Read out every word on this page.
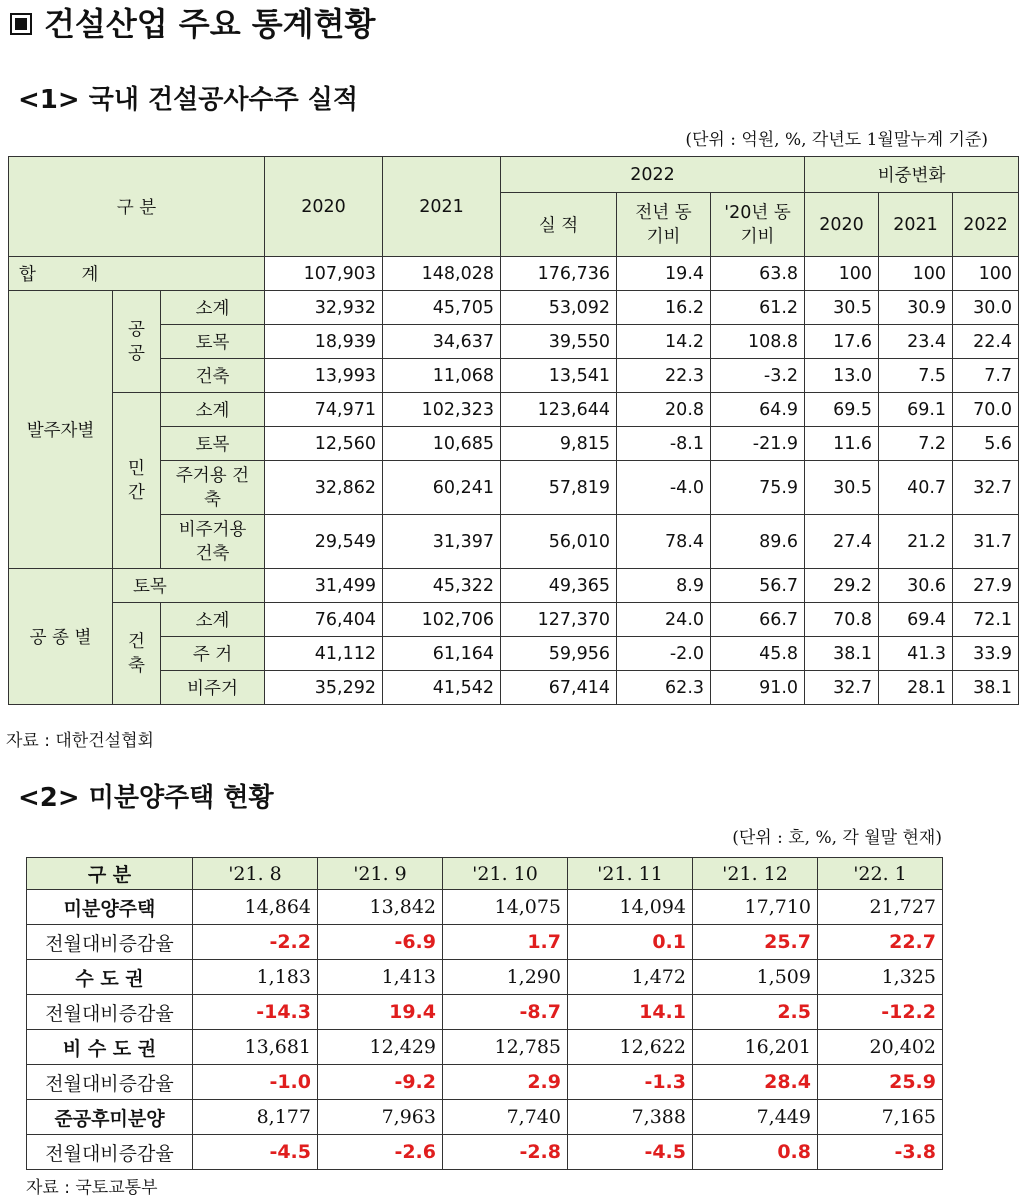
건설산업 주요 통계현황
<1> 국내 건설공사수주 실적
(단위 : 억원, %, 각년도 1월말누계 기준)
구 분			2020	2021	2022			비중변화		
					실 적	전년 동기비	'20년 동기비	2020	2021	2022
합 계			107,903	148,028	176,736	19.4	63.8	100	100	100
발주자별	공공	소계	32,932	45,705	53,092	16.2	61.2	30.5	30.9	30.0
		토목	18,939	34,637	39,550	14.2	108.8	17.6	23.4	22.4
		건축	13,993	11,068	13,541	22.3	-3.2	13.0	7.5	7.7
	민간	소계	74,971	102,323	123,644	20.8	64.9	69.5	69.1	70.0
		토목	12,560	10,685	9,815	-8.1	-21.9	11.6	7.2	5.6
		주거용 건축	32,862	60,241	57,819	-4.0	75.9	30.5	40.7	32.7
		비주거용 건축	29,549	31,397	56,010	78.4	89.6	27.4	21.2	31.7
공 종 별	토목		31,499	45,322	49,365	8.9	56.7	29.2	30.6	27.9
	건축	소계	76,404	102,706	127,370	24.0	66.7	70.8	69.4	72.1
		주 거	41,112	61,164	59,956	-2.0	45.8	38.1	41.3	33.9
		비주거	35,292	41,542	67,414	62.3	91.0	32.7	28.1	38.1
자료 : 대한건설협회
<2> 미분양주택 현황
(단위 : 호, %, 각 월말 현재)
구 분	'21. 8	'21. 9	'21. 10	'21. 11	'21. 12	'22. 1
미분양주택	14,864	13,842	14,075	14,094	17,710	21,727
전월대비증감율	-2.2	-6.9	1.7	0.1	25.7	22.7
수 도 권	1,183	1,413	1,290	1,472	1,509	1,325
전월대비증감율	-14.3	19.4	-8.7	14.1	2.5	-12.2
비 수 도 권	13,681	12,429	12,785	12,622	16,201	20,402
전월대비증감율	-1.0	-9.2	2.9	-1.3	28.4	25.9
준공후미분양	8,177	7,963	7,740	7,388	7,449	7,165
전월대비증감율	-4.5	-2.6	-2.8	-4.5	0.8	-3.8
자료 : 국토교통부
